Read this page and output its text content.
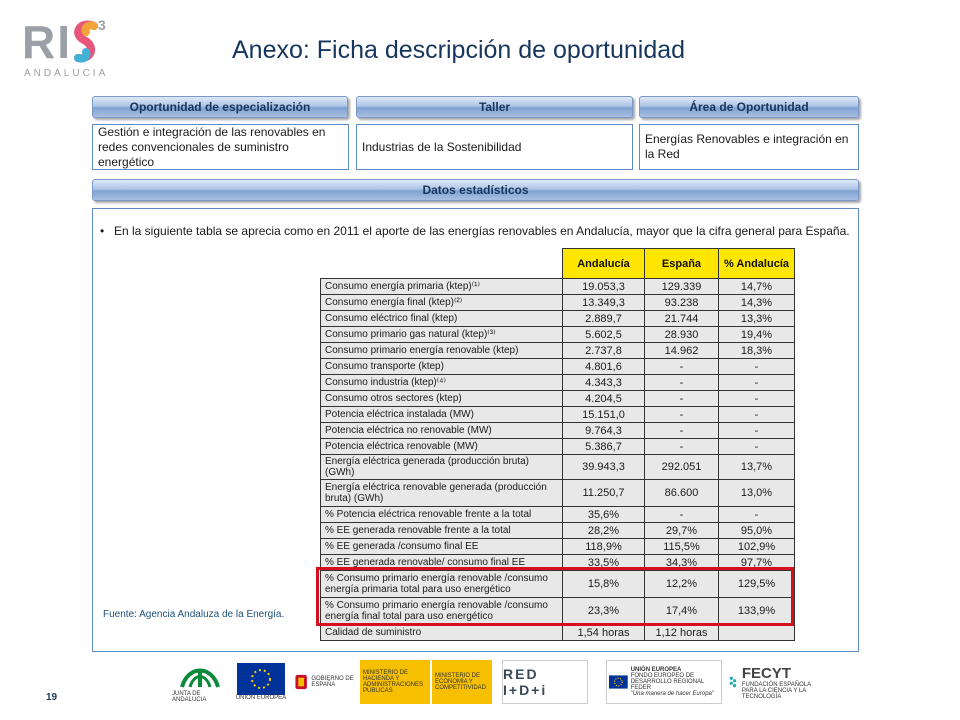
RI 3
ANDALUCIA
Anexo: Ficha descripción de oportunidad
Oportunidad de especialización	Taller	Área de Oportunidad
Gestión e integración de las renovables en redes convencionales de suministro energético
Industrias de la Sostenibilidad
Energías Renovables e integración en la Red
Datos estadísticos
• En la siguiente tabla se aprecia como en 2011 el aporte de las energías renovables en Andalucía, mayor que la cifra general para España.
	Andalucía	España	% Andalucía
Consumo energía primaria (ktep)⁽¹⁾	19.053,3	129.339	14,7%
Consumo energía final (ktep)⁽²⁾	13.349,3	93.238	14,3%
Consumo eléctrico final (ktep)	2.889,7	21.744	13,3%
Consumo primario gas natural (ktep)⁽³⁾	5.602,5	28.930	19,4%
Consumo primario energía renovable (ktep)	2.737,8	14.962	18,3%
Consumo transporte (ktep)	4.801,6	-	-
Consumo industria (ktep)⁽⁴⁾	4.343,3	-	-
Consumo otros sectores (ktep)	4.204,5	-	-
Potencia eléctrica instalada (MW)	15.151,0	-	-
Potencia eléctrica no renovable (MW)	9.764,3	-	-
Potencia eléctrica renovable (MW)	5.386,7	-	-
Energía eléctrica generada (producción bruta) (GWh)	39.943,3	292.051	13,7%
Energía eléctrica renovable generada (producción bruta) (GWh)	11.250,7	86.600	13,0%
% Potencia eléctrica renovable frente a la total	35,6%	-	-
% EE generada renovable frente a la total	28,2%	29,7%	95,0%
% EE generada /consumo final EE	118,9%	115,5%	102,9%
% EE generada renovable/ consumo final EE	33,5%	34,3%	97,7%
% Consumo primario energía renovable /consumo energía primaria total para uso energético	15,8%	12,2%	129,5%
% Consumo primario energía renovable /consumo energía final total para uso energético	23,3%	17,4%	133,9%
Calidad de suministro	1,54 horas	1,12 horas	
Fuente: Agencia Andaluza de la Energía.
19	JUNTA DE ANDALUCIA	UNIÓN EUROPEA
GOBIERNO DE ESPAÑA
MINISTERIO DE HACIENDA Y ADMINISTRACIONES PÚBLICAS
MINISTERIO DE ECONOMÍA Y COMPETITIVIDAD
RED I+D+i
UNIÓN EUROPEA
FONDO EUROPEO DE DESARROLLO REGIONAL FEDER
"Una manera de hacer Europa"
FECYT
FUNDACIÓN ESPAÑOLA PARA LA CIENCIA Y LA TECNOLOGÍA
